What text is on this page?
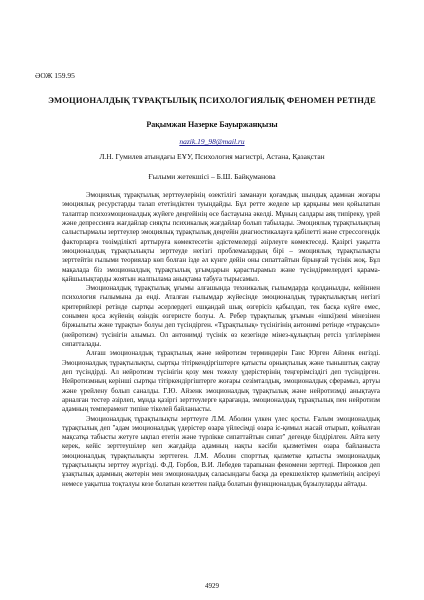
ӘОЖ 159.95
ЭМОЦИОНАЛДЫҚ ТҰРАҚТЫЛЫҚ ПСИХОЛОГИЯЛЫҚ ФЕНОМЕН РЕТІНДЕ
Рақымжан Назерке Бауыржанқызы
nazik.19_98@mail.ru
Л.Н. Гумилев атындағы ЕҰУ, Психология магистрі, Астана, Қазақстан
Ғылыми жетекшісі – Б.Ш. Байқуманова

Эмоциялық тұрақтылық зерттеулерінің өзектілігі заманауи қоғамдық шындық адамнан жоғары эмоциялық ресурстарды талап ететіндіктен туындайды. Бұл ретте жеделе ыр қарқыны мен қойылатын талаптар психоэмоционалдық жүйеге деңгейінің өсе бастауына әкелді. Мұның салдары аяқ типіреку, үрей және депрессияға жағдайлар сияқты психикалық жағдайлар болып табылады. Эмоциялық тұрақтылықтың салыстырмалы зерттеулер эмоциялық тұрақтылық деңгейін диагностикалауға қабілетті және стрессогендік факторларға төзімділікті арттыруға көмектесетін әдістемелерді әзірлеуге көмектеседі. Қазіргі уақытта эмоционалдық тұрақтылықты зерттеуде негізгі проблемалардың бірі – эмоциялық тұрақтылықты зерттейтін ғылыми теориялар көп болған ізде әл күнге дейін оны сипаттайтын бірыңғай түсінік жоқ. Бұл мақалада біз эмоционалдық тұрақтылық ұғымдарын қарастырамыз және түсіндірмелердегі қарама-қайшылықтарды жоятын жалпылама анықтама табуға тырысамыз.

Эмоционалдық тұрақтылық ұғымы алғашында техникалық ғылымдарда қолданылды, кейіннен психология ғылымына да енді. Аталған ғылымдар жүйесінде эмоционалдық тұрақтылықтың негізгі критерийлері ретінде сыртқы әсерлердегі ешқандай шық өзгерісіз қабылдап, тек басқа күйге емес, сонымен қоса жүйенің өзіндік өзгеристе болуы. А. Ребер тұрақтылық ұғымын «ішкі)зені мінезінен біржылыты және тұрақты» болуы деп түсіндірген. «Тұрақтылық» түсінігінің антонимі ретінде «тұрақсыз» (нейротизм) түсінігін алымыз. Ол антонимді түсінік өз кезегінде мінез-құлықтың ретсіз үлгілерімен сипатталады.

Алғаш эмоционалдық тұрақтылық және нейротизм терминдерін Ганс Юрген Айзенк енгізді. Эмоционалдық тұрақтылықты, сыртқы тітіркендіргіштерге қатысты орнықтылық және тыныштық сақтау деп түсіндірді. Ал нейротизм түсінігін қозу мен тежелу үдерістерінің теңгерімсіздігі деп түсіндірген. Нейротизмның керінші сыртқы тітіркендіргіштерге жоғары сезімталдық, эмоционалдық сферамыз, артуы және үрейлену болып саналды. Г.Ю. Айзенк эмоционалдық тұрақтылық және нейротизмді анықтауға арналған тестер әзірлеп, мұнда қазіргі зерттеулерге қарағанда, эмоционалдық тұрақтылық пен нейротизм адамның темперамент типіне тікелей байланысты.

Эмоционалдық тұрақтылықты зерттеуге Л.М. Аболин үлкен үлес қосты. Ғалым эмоционалдық тұрақтылық деп "адам эмоционалдық үдерістер өзара үйлесімді өзара іс-қимыл жасай отырып, қойылған мақсатқа табысты жетуге ықпал ететін және түрлікке сипаттайтын сипат" дегенде білдірілген. Айта кету керек, кейіс зерттеушілер кеп жағдайда адамның нақты кәсіби қызметімен өзара байланыста эмоционалдық тұрақтылықты зерттеген. Л.М. Аболин спорттық қызметке қатысты эмоционалдық тұрақтылықты зерттеу жүргізді. Ф.Д. Горбов, В.И. Лебедев тарапынан феномени зерттеді. Пирожков деп ұзақтылық адамның әкетерін мен эмоционалдық саласындағы басқа да ерекшеліктер қызметінің әлсіреуі немесе уақытша тоқталуы кезе болатын кезеттен пайда болатын функционалдық бұзылуларды айтады.

4929
